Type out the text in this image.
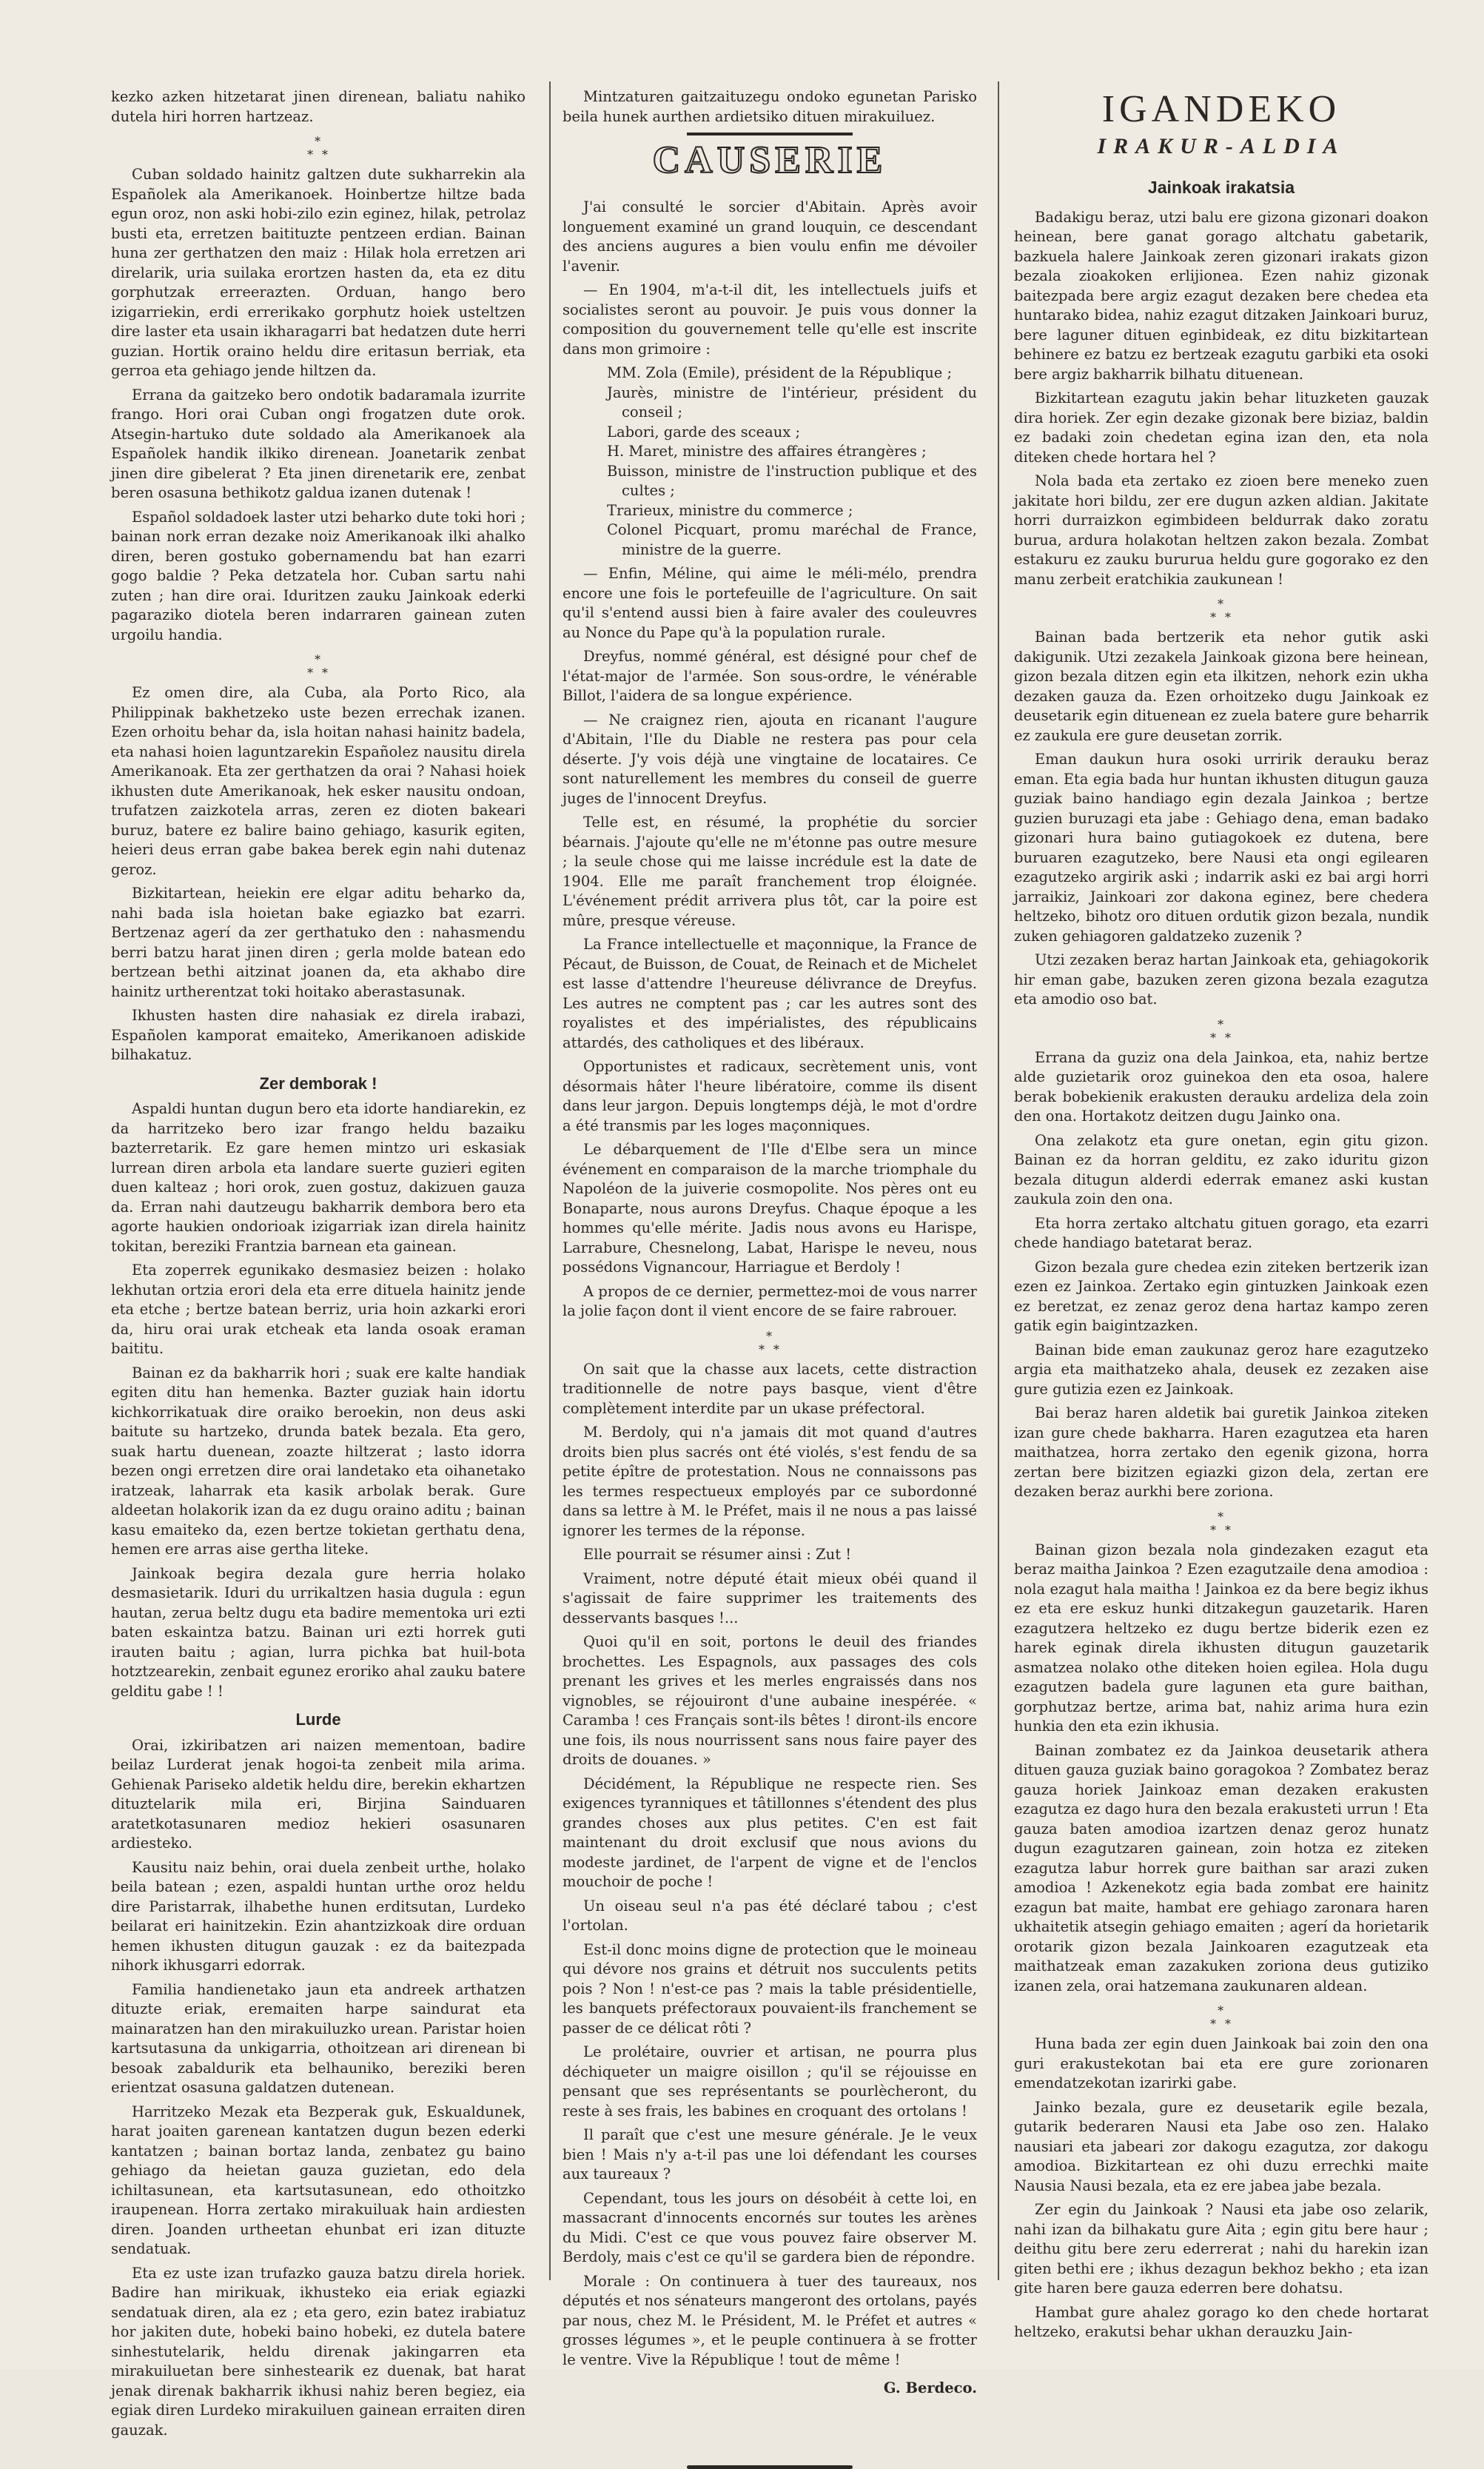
kezko azken hitzetarat jinen direnean, baliatu nahiko dutela hiri horren hartzeaz.

∗
∗ ∗

Cuban soldado hainitz galtzen dute sukharrekin ala Españolek ala Amerikanoek. Hoinbertze hiltze bada egun oroz, non aski hobi-zilo ezin eginez, hilak, petrolaz busti eta, erretzen baitituzte pentzeen erdian. Bainan huna zer gerthatzen den maiz : Hilak hola erretzen ari direlarik, uria suilaka erortzen hasten da, eta ez ditu gorphutzak erreerazten. Orduan, hango bero izigarriekin, erdi errerikako gorphutz hoiek usteltzen dire laster eta usain ikharagarri bat hedatzen dute herri guzian. Hortik oraino heldu dire eritasun berriak, eta gerroa eta gehiago jende hiltzen da.

Errana da gaitzeko bero ondotik badaramala izurrite frango. Hori orai Cuban ongi frogatzen dute orok. Atsegin-hartuko dute soldado ala Amerikanoek ala Españolek handik ilkiko direnean. Joanetarik zenbat jinen dire gibelerat ? Eta jinen direnetarik ere, zenbat beren osasuna bethikotz galdua izanen dutenak !

Español soldadoek laster utzi beharko dute toki hori ; bainan nork erran dezake noiz Amerikanoak ilki ahalko diren, beren gostuko gobernamendu bat han ezarri gogo baldie ? Peka detzatela hor. Cuban sartu nahi zuten ; han dire orai. Iduritzen zauku Jainkoak ederki pagaraziko diotela beren indarraren gainean zuten urgoilu handia.

∗
∗ ∗

Ez omen dire, ala Cuba, ala Porto Rico, ala Philippinak bakhetzeko uste bezen errechak izanen. Ezen orhoitu behar da, isla hoitan nahasi hainitz badela, eta nahasi hoien laguntzarekin Españolez nausitu direla Amerikanoak. Eta zer gerthatzen da orai ? Nahasi hoiek ikhusten dute Amerikanoak, hek esker nausitu ondoan, trufatzen zaizkotela arras, zeren ez dioten bakeari buruz, batere ez balire baino gehiago, kasurik egiten, heieri deus erran gabe bakea berek egin nahi dutenaz geroz.

Bizkitartean, heiekin ere elgar aditu beharko da, nahi bada isla hoietan bake egiazko bat ezarri. Bertzenaz agerí da zer gerthatuko den : nahasmendu berri batzu harat jinen diren ; gerla molde batean edo bertzean bethi aitzinat joanen da, eta akhabo dire hainitz urtherentzat toki hoitako aberastasunak.

Ikhusten hasten dire nahasiak ez direla irabazi, Españolen kamporat emaiteko, Amerikanoen adiskide bilhakatuz.

Zer demborak !

Aspaldi huntan dugun bero eta idorte handiarekin, ez da harritzeko bero izar frango heldu bazaiku bazterretarik. Ez gare hemen mintzo uri eskasiak lurrean diren arbola eta landare suerte guzieri egiten duen kalteaz ; hori orok, zuen gostuz, dakizuen gauza da. Erran nahi dautzeugu bakharrik dembora bero eta agorte haukien ondorioak izigarriak izan direla hainitz tokitan, bereziki Frantzia barnean eta gainean.

Eta zoperrek egunikako desmasiez beizen : holako lekhutan ortzia erori dela eta erre dituela hainitz jende eta etche ; bertze batean berriz, uria hoin azkarki erori da, hiru orai urak etcheak eta landa osoak eraman baititu.

Bainan ez da bakharrik hori ; suak ere kalte handiak egiten ditu han hemenka. Bazter guziak hain idortu kichkorrikatuak dire oraiko beroekin, non deus aski baitute su hartzeko, drunda batek bezala. Eta gero, suak hartu duenean, zoazte hiltzerat ; lasto idorra bezen ongi erretzen dire orai landetako eta oihanetako iratzeak, laharrak eta kasik arbolak berak. Gure aldeetan holakorik izan da ez dugu oraino aditu ; bainan kasu emaiteko da, ezen bertze tokietan gerthatu dena, hemen ere arras aise gertha liteke.

Jainkoak begira dezala gure herria holako desmasietarik. Iduri du urrikaltzen hasia dugula : egun hautan, zerua beltz dugu eta badire mementoka uri ezti baten eskaintza batzu. Bainan uri ezti horrek guti irauten baitu ; agian, lurra pichka bat huil-bota hotztzearekin, zenbait egunez eroriko ahal zauku batere gelditu gabe ! !

Lurde

Orai, izkiribatzen ari naizen mementoan, badire beilaz Lurderat jenak hogoi-ta zenbeit mila arima. Gehienak Pariseko aldetik heldu dire, berekin ekhartzen dituztelarik mila eri, Birjina Sainduaren aratetkotasunaren medioz hekieri osasunaren ardiesteko.

Kausitu naiz behin, orai duela zenbeit urthe, holako beila batean ; ezen, aspaldi huntan urthe oroz heldu dire Paristarrak, ilhabethe hunen erditsutan, Lurdeko beilarat eri hainitzekin. Ezin ahantzizkoak dire orduan hemen ikhusten ditugun gauzak : ez da baitezpada nihork ikhusgarri edorrak.

Familia handienetako jaun eta andreek arthatzen dituzte eriak, eremaiten harpe saindurat eta mainaratzen han den mirakuiluzko urean. Paristar hoien kartsutasuna da unkigarria, othoitzean ari direnean bi besoak zabaldurik eta belhauniko, bereziki beren erientzat osasuna galdatzen dutenean.

Harritzeko Mezak eta Bezperak guk, Eskualdunek, harat joaiten garenean kantatzen dugun bezen ederki kantatzen ; bainan bortaz landa, zenbatez gu baino gehiago da heietan gauza guzietan, edo dela ichiltasunean, eta kartsutasunean, edo othoitzko iraupenean. Horra zertako mirakuiluak hain ardiesten diren. Joanden urtheetan ehunbat eri izan dituzte sendatuak.

Eta ez uste izan trufazko gauza batzu direla horiek. Badire han mirikuak, ikhusteko eia eriak egiazki sendatuak diren, ala ez ; eta gero, ezin batez irabiatuz hor jakiten dute, hobeki baino hobeki, ez dutela batere sinhestutelarik, heldu direnak jakingarren eta mirakuiluetan bere sinhestearik ez duenak, bat harat jenak direnak bakharrik ikhusi nahiz beren begiez, eia egiak diren Lurdeko mirakuiluen gainean erraiten diren gauzak.

Mintzaturen gaitzaituzegu ondoko egunetan Parisko beila hunek aurthen ardietsiko dituen mirakuiluez.

CAUSERIE

J'ai consulté le sorcier d'Abitain. Après avoir longuement examiné un grand louquin, ce descendant des anciens augures a bien voulu enfin me dévoiler l'avenir.

— En 1904, m'a-t-il dit, les intellectuels juifs et socialistes seront au pouvoir. Je puis vous donner la composition du gouvernement telle qu'elle est inscrite dans mon grimoire :

MM. Zola (Emile), président de la République ;
Jaurès, ministre de l'intérieur, président du conseil ;
Labori, garde des sceaux ;
H. Maret, ministre des affaires étrangères ;
Buisson, ministre de l'instruction publique et des cultes ;
Trarieux, ministre du commerce ;
Colonel Picquart, promu maréchal de France, ministre de la guerre.

— Enfin, Méline, qui aime le méli-mélo, prendra encore une fois le portefeuille de l'agriculture. On sait qu'il s'entend aussi bien à faire avaler des couleuvres au Nonce du Pape qu'à la population rurale.

Dreyfus, nommé général, est désigné pour chef de l'état-major de l'armée. Son sous-ordre, le vénérable Billot, l'aidera de sa longue expérience.

— Ne craignez rien, ajouta en ricanant l'augure d'Abitain, l'Ile du Diable ne restera pas pour cela déserte. J'y vois déjà une vingtaine de locataires. Ce sont naturellement les membres du conseil de guerre juges de l'innocent Dreyfus.

Telle est, en résumé, la prophétie du sorcier béarnais. J'ajoute qu'elle ne m'étonne pas outre mesure ; la seule chose qui me laisse incrédule est la date de 1904. Elle me paraît franchement trop éloignée. L'événement prédit arrivera plus tôt, car la poire est mûre, presque véreuse.

La France intellectuelle et maçonnique, la France de Pécaut, de Buisson, de Couat, de Reinach et de Michelet est lasse d'attendre l'heureuse délivrance de Dreyfus. Les autres ne comptent pas ; car les autres sont des royalistes et des impérialistes, des républicains attardés, des catholiques et des libéraux.

Opportunistes et radicaux, secrètement unis, vont désormais hâter l'heure libératoire, comme ils disent dans leur jargon. Depuis longtemps déjà, le mot d'ordre a été transmis par les loges maçonniques.

Le débarquement de l'Ile d'Elbe sera un mince événement en comparaison de la marche triomphale du Napoléon de la juiverie cosmopolite. Nos pères ont eu Bonaparte, nous aurons Dreyfus. Chaque époque a les hommes qu'elle mérite. Jadis nous avons eu Harispe, Larrabure, Chesnelong, Labat, Harispe le neveu, nous possédons Vignancour, Harriague et Berdoly !

A propos de ce dernier, permettez-moi de vous narrer la jolie façon dont il vient encore de se faire rabrouer.

∗
∗ ∗

On sait que la chasse aux lacets, cette distraction traditionnelle de notre pays basque, vient d'être complètement interdite par un ukase préfectoral.

M. Berdoly, qui n'a jamais dit mot quand d'autres droits bien plus sacrés ont été violés, s'est fendu de sa petite épître de protestation. Nous ne connaissons pas les termes respectueux employés par ce subordonné dans sa lettre à M. le Préfet, mais il ne nous a pas laissé ignorer les termes de la réponse.

Elle pourrait se résumer ainsi : Zut !

Vraiment, notre député était mieux obéi quand il s'agissait de faire supprimer les traitements des desservants basques !...

Quoi qu'il en soit, portons le deuil des friandes brochettes. Les Espagnols, aux passages des cols prenant les grives et les merles engraissés dans nos vignobles, se réjouiront d'une aubaine inespérée. « Caramba ! ces Français sont-ils bêtes ! diront-ils encore une fois, ils nous nourrissent sans nous faire payer des droits de douanes. »

Décidément, la République ne respecte rien. Ses exigences tyranniques et tâtillonnes s'étendent des plus grandes choses aux plus petites. C'en est fait maintenant du droit exclusif que nous avions du modeste jardinet, de l'arpent de vigne et de l'enclos mouchoir de poche !

Un oiseau seul n'a pas été déclaré tabou ; c'est l'ortolan.

Est-il donc moins digne de protection que le moineau qui dévore nos grains et détruit nos succulents petits pois ? Non ! n'est-ce pas ? mais la table présidentielle, les banquets préfectoraux pouvaient-ils franchement se passer de ce délicat rôti ?

Le prolétaire, ouvrier et artisan, ne pourra plus déchiqueter un maigre oisillon ; qu'il se réjouisse en pensant que ses représentants se pourlècheront, du reste à ses frais, les babines en croquant des ortolans !

Il paraît que c'est une mesure générale. Je le veux bien ! Mais n'y a-t-il pas une loi défendant les courses aux taureaux ?

Cependant, tous les jours on désobéit à cette loi, en massacrant d'innocents encornés sur toutes les arènes du Midi. C'est ce que vous pouvez faire observer M. Berdoly, mais c'est ce qu'il se gardera bien de répondre.

Morale : On continuera à tuer des taureaux, nos députés et nos sénateurs mangeront des ortolans, payés par nous, chez M. le Président, M. le Préfet et autres « grosses légumes », et le peuple continuera à se frotter le ventre. Vive la République ! tout de même !

G. Berdeco.
IGANDEKO
IRAKUR-ALDIA
Jainkoak irakatsia

Badakigu beraz, utzi balu ere gizona gizonari doakon heinean, bere ganat gorago altchatu gabetarik, bazkuela halere Jainkoak zeren gizonari irakats gizon bezala zioakoken erlijionea. Ezen nahiz gizonak baitezpada bere argiz ezagut dezaken bere chedea eta huntarako bidea, nahiz ezagut ditzaken Jainkoari buruz, bere laguner dituen eginbideak, ez ditu bizkitartean behinere ez batzu ez bertzeak ezagutu garbiki eta osoki bere argiz bakharrik bilhatu dituenean.

Bizkitartean ezagutu jakin behar lituzketen gauzak dira horiek. Zer egin dezake gizonak bere biziaz, baldin ez badaki zoin chedetan egina izan den, eta nola diteken chede hortara hel ?

Nola bada eta zertako ez zioen bere meneko zuen jakitate hori bildu, zer ere dugun azken aldian. Jakitate horri durraizkon egimbideen beldurrak dako zoratu burua, ardura holakotan heltzen zakon bezala. Zombat estakuru ez zauku bururua heldu gure gogorako ez den manu zerbeit eratchikia zaukunean !

∗
∗ ∗

Bainan bada bertzerik eta nehor gutik aski dakigunik. Utzi zezakela Jainkoak gizona bere heinean, gizon bezala ditzen egin eta ilkitzen, nehork ezin ukha dezaken gauza da. Ezen orhoitzeko dugu Jainkoak ez deusetarik egin dituenean ez zuela batere gure beharrik ez zaukula ere gure deusetan zorrik.

Eman daukun hura osoki urririk derauku beraz eman. Eta egia bada hur huntan ikhusten ditugun gauza guziak baino handiago egin dezala Jainkoa ; bertze guzien buruzagi eta jabe : Gehiago dena, eman badako gizonari hura baino gutiagokoek ez dutena, bere buruaren ezagutzeko, bere Nausi eta ongi egilearen ezagutzeko argirik aski ; indarrik aski ez bai argi horri jarraikiz, Jainkoari zor dakona eginez, bere chedera heltzeko, bihotz oro dituen ordutik gizon bezala, nundik zuken gehiagoren galdatzeko zuzenik ?

Utzi zezaken beraz hartan Jainkoak eta, gehiagokorik hir eman gabe, bazuken zeren gizona bezala ezagutza eta amodio oso bat.

∗
∗ ∗

Errana da guziz ona dela Jainkoa, eta, nahiz bertze alde guzietarik oroz guinekoa den eta osoa, halere berak bobekienik erakusten derauku ardeliza dela zoin den ona. Hortakotz deitzen dugu Jainko ona.

Ona zelakotz eta gure onetan, egin gitu gizon. Bainan ez da horran gelditu, ez zako iduritu gizon bezala ditugun alderdi ederrak emanez aski kustan zaukula zoin den ona.

Eta horra zertako altchatu gituen gorago, eta ezarri chede handiago batetarat beraz.

Gizon bezala gure chedea ezin ziteken bertzerik izan ezen ez Jainkoa. Zertako egin gintuzken Jainkoak ezen ez beretzat, ez zenaz geroz dena hartaz kampo zeren gatik egin baigintzazken.

Bainan bide eman zaukunaz geroz hare ezagutzeko argia eta maithatzeko ahala, deusek ez zezaken aise gure gutizia ezen ez Jainkoak.

Bai beraz haren aldetik bai guretik Jainkoa ziteken izan gure chede bakharra. Haren ezagutzea eta haren maithatzea, horra zertako den egenik gizona, horra zertan bere bizitzen egiazki gizon dela, zertan ere dezaken beraz aurkhi bere zoriona.

∗
∗ ∗

Bainan gizon bezala nola gindezaken ezagut eta beraz maitha Jainkoa ? Ezen ezagutzaile dena amodioa : nola ezagut hala maitha ! Jainkoa ez da bere begiz ikhus ez eta ere eskuz hunki ditzakegun gauzetarik. Haren ezagutzera heltzeko ez dugu bertze biderik ezen ez harek eginak direla ikhusten ditugun gauzetarik asmatzea nolako othe diteken hoien egilea. Hola dugu ezagutzen badela gure lagunen eta gure baithan, gorphutzaz bertze, arima bat, nahiz arima hura ezin hunkia den eta ezin ikhusia.

Bainan zombatez ez da Jainkoa deusetarik athera dituen gauza guziak baino goragokoa ? Zombatez beraz gauza horiek Jainkoaz eman dezaken erakusten ezagutza ez dago hura den bezala erakusteti urrun ! Eta gauza baten amodioa izartzen denaz geroz hunatz dugun ezagutzaren gainean, zoin hotza ez ziteken ezagutza labur horrek gure baithan sar arazi zuken amodioa ! Azkenekotz egia bada zombat ere hainitz ezagun bat maite, hambat ere gehiago zaronara haren ukhaitetik atsegin gehiago emaiten ; agerí da horietarik orotarik gizon bezala Jainkoaren ezagutzeak eta maithatzeak eman zazakuken zoriona deus gutiziko izanen zela, orai hatzemana zaukunaren aldean.

∗
∗ ∗

Huna bada zer egin duen Jainkoak bai zoin den ona guri erakustekotan bai eta ere gure zorionaren emendatzekotan izarirki gabe.

Jainko bezala, gure ez deusetarik egile bezala, gutarik bederaren Nausi eta Jabe oso zen. Halako nausiari eta jabeari zor dakogu ezagutza, zor dakogu amodioa. Bizkitartean ez ohi duzu errechki maite Nausia Nausi bezala, eta ez ere jabea jabe bezala.

Zer egin du Jainkoak ? Nausi eta jabe oso zelarik, nahi izan da bilhakatu gure Aita ; egin gitu bere haur ; deithu gitu bere zeru ederrerat ; nahi du harekin izan giten bethi ere ; ikhus dezagun bekhoz bekho ; eta izan gite haren bere gauza ederren bere dohatsu.

Hambat gure ahalez gorago ko den chede hortarat heltzeko, erakutsi behar ukhan derauzku Jain-
